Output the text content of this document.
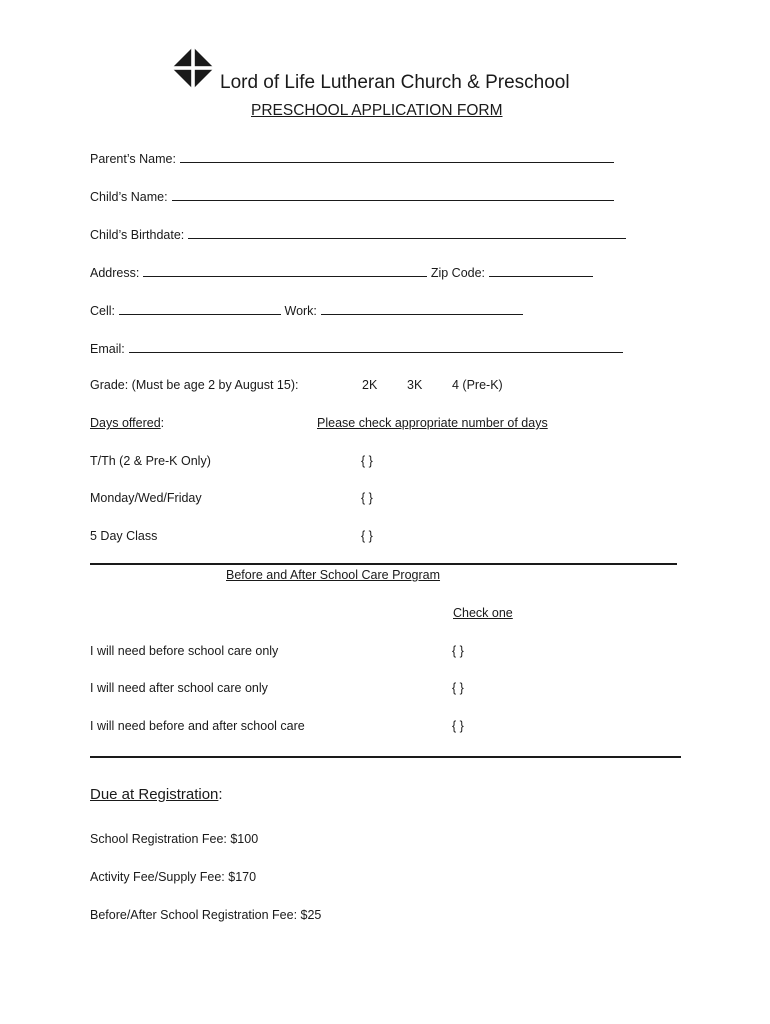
Lord of Life Lutheran Church & Preschool
PRESCHOOL APPLICATION FORM
Parent’s Name:
Child’s Name:
Child’s Birthdate:
Address:	Zip Code:
Cell:	Work:
Email:
Grade: (Must be age 2 by August 15):	2K 3K 4 (Pre-K)
Days offered:	Please check appropriate number of days
T/Th (2 & Pre-K Only)	{ }
Monday/Wed/Friday	{ }
5 Day Class	{ }
Before and After School Care Program
Check one
I will need before school care only	{ }
I will need after school care only	{ }
I will need before and after school care	{ }
Due at Registration:
School Registration Fee: $100
Activity Fee/Supply Fee: $170
Before/After School Registration Fee: $25
